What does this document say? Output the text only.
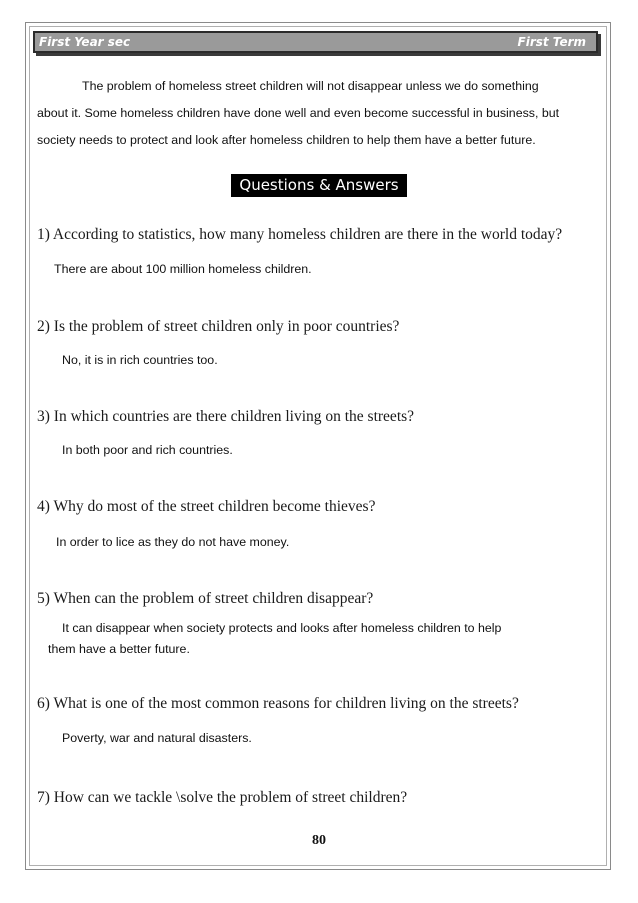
First Year sec	First Term
The problem of homeless street children will not disappear unless we do something
about it. Some homeless children have done well and even become successful in business, but
society needs to protect and look after homeless children to help them have a better future.
Questions & Answers
1) According to statistics, how many homeless children are there in the world today?
There are about 100 million homeless children.
2) Is the problem of street children only in poor countries?
No, it is in rich countries too.
3) In which countries are there children living on the streets?
In both poor and rich countries.
4) Why do most of the street children become thieves?
In order to lice as they do not have money.
5) When can the problem of street children disappear?
It can disappear when society protects and looks after homeless children to help
them have a better future.
6) What is one of the most common reasons for children living on the streets?
Poverty, war and natural disasters.
7) How can we tackle \solve the problem of street children?
80
